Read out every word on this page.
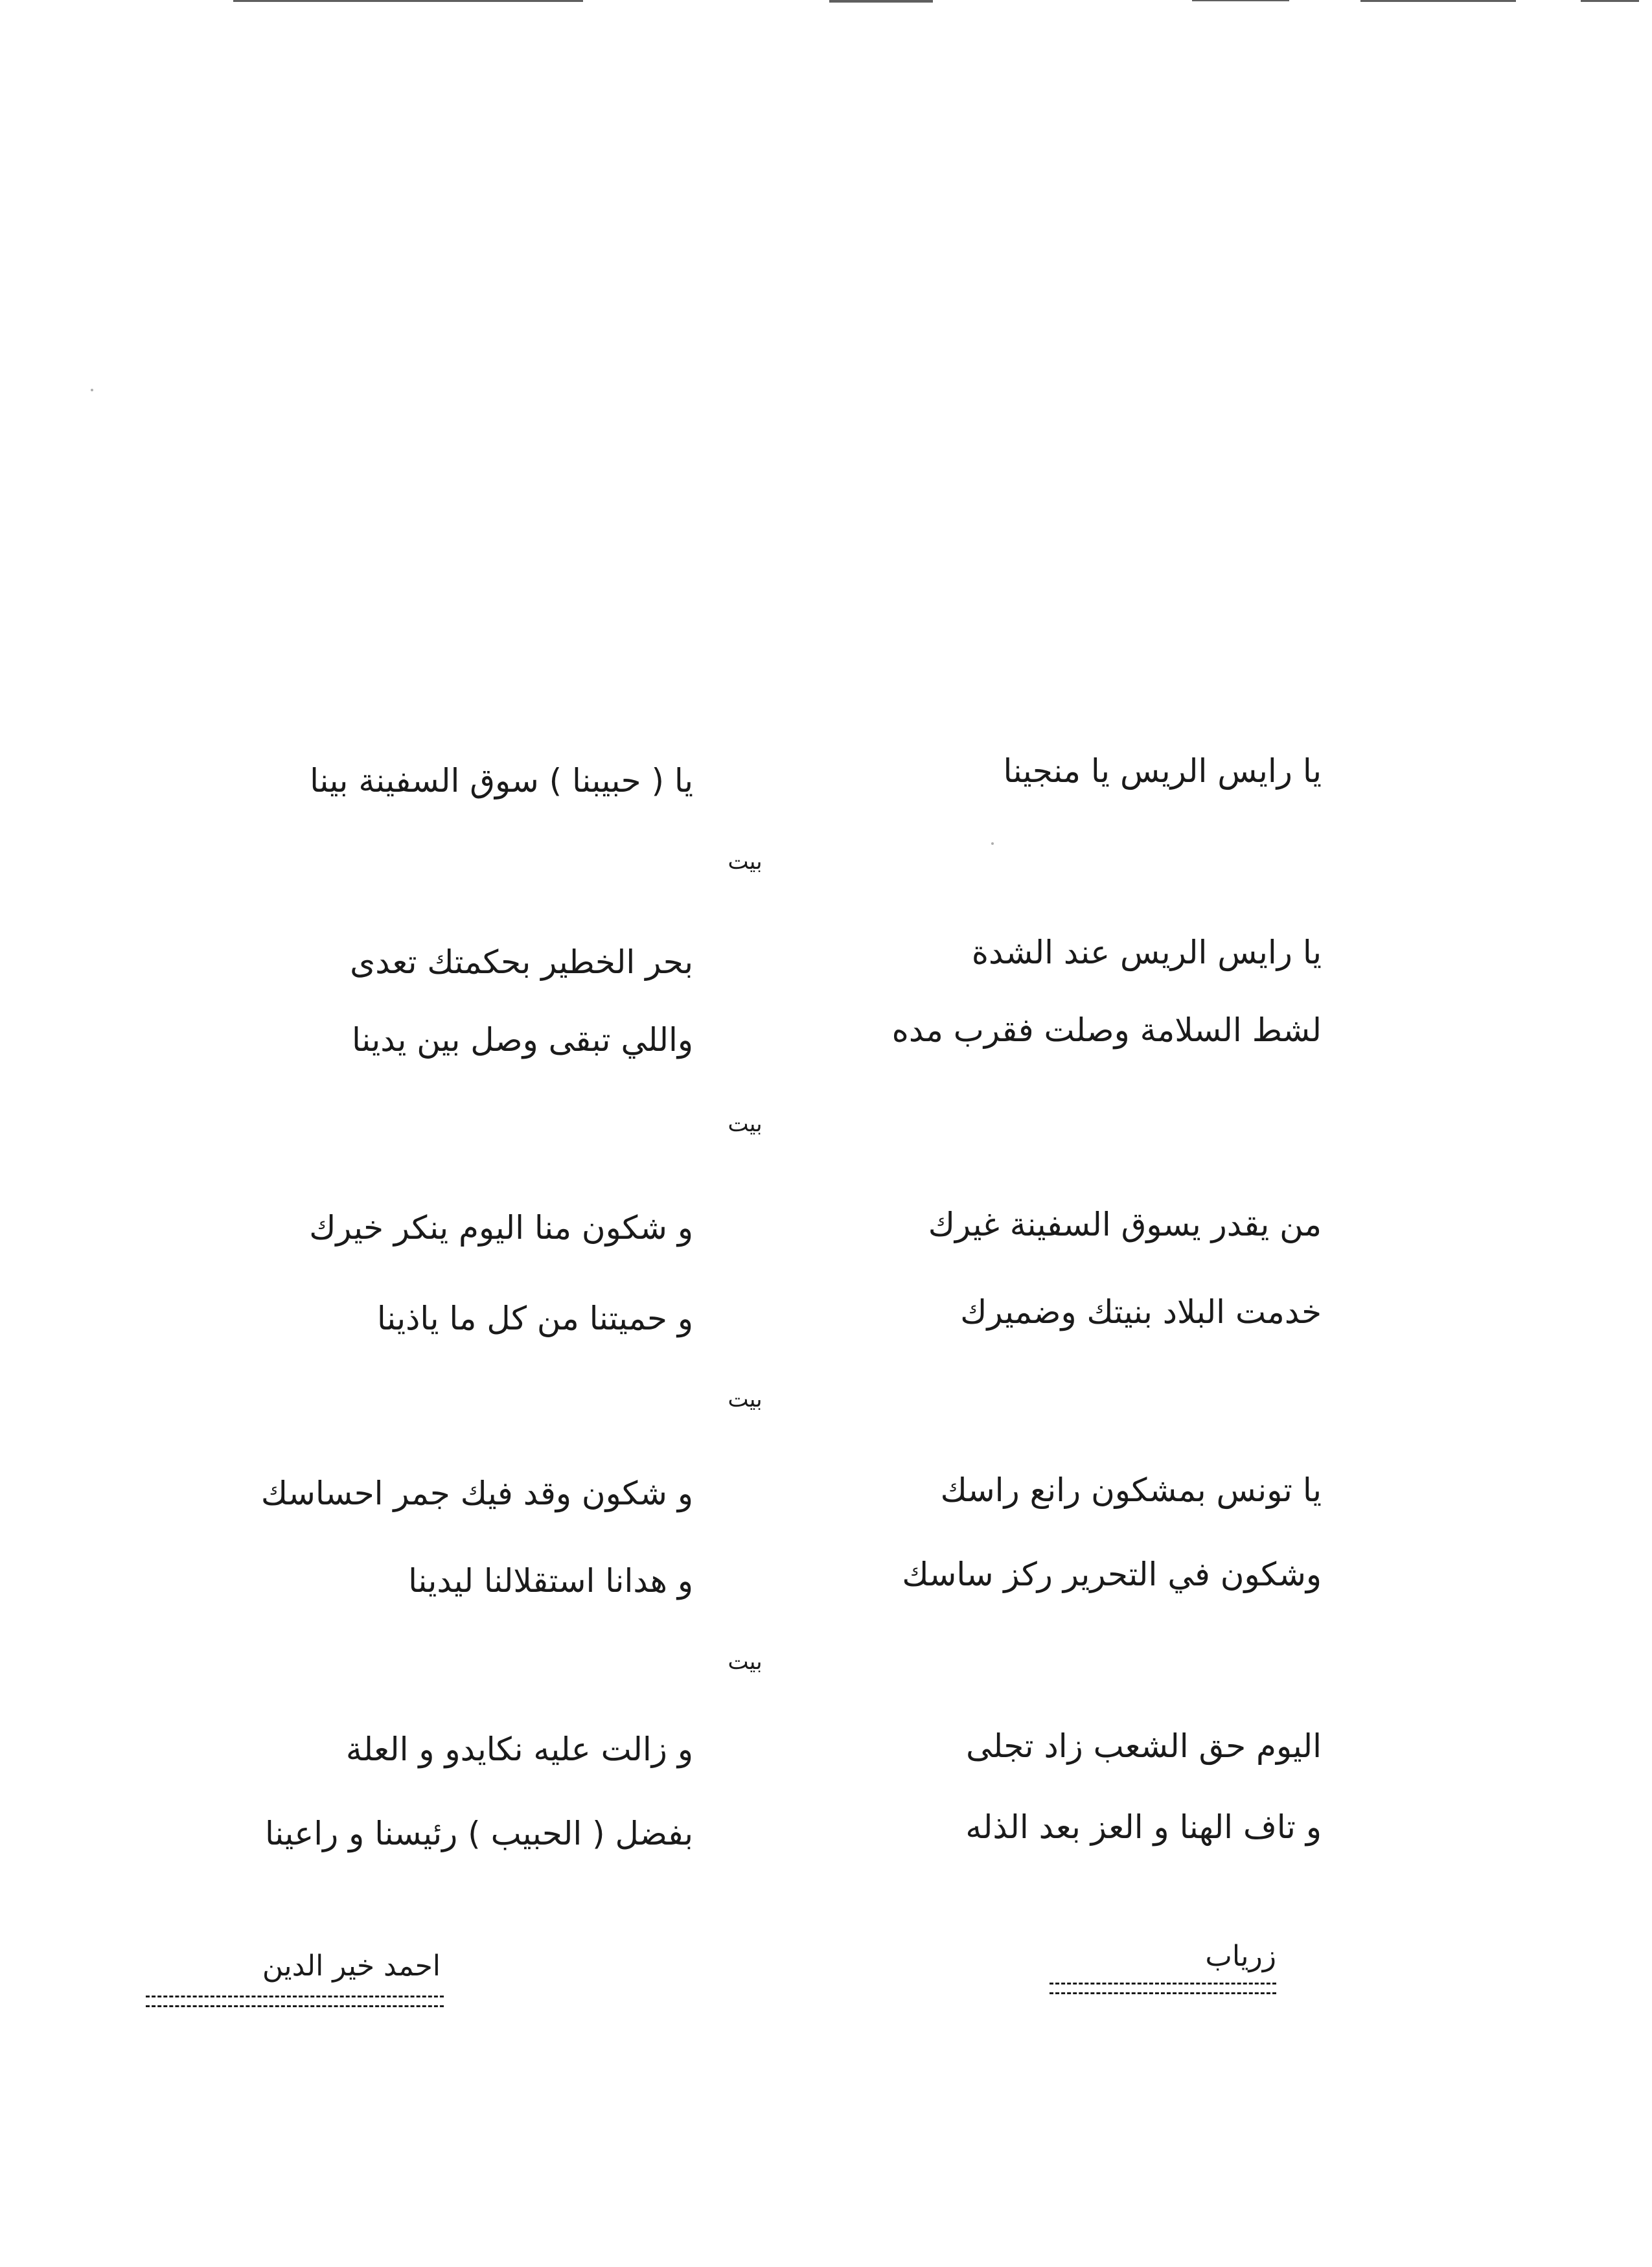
يا رايس الريس يا منجينا
يا ( حبيبنا ) سوق السفينة بينا
بيت
يا رايس الريس عند الشدة
بحر الخطير بحكمتك تعدى
لشط السلامة وصلت فقرب مده
واللي تبقى وصل بين يدينا
بيت
من يقدر يسوق السفينة غيرك
و شكون منا اليوم ينكر خيرك
خدمت البلاد بنيتك وضميرك
و حميتنا من كل ما ياذينا
بيت
يا تونس بمشكون رانع راسك
و شكون وقد فيك جمر احساسك
وشكون في التحرير ركز ساسك
و هدانا استقلالنا ليدينا
بيت
اليوم حق الشعب زاد تجلى
و زالت عليه نكايدو و العلة
و تاف الهنا و العز بعد الذله
بفضل ( الحبيب ) رئيسنا و راعينا
زرياب
احمد خير الدين
